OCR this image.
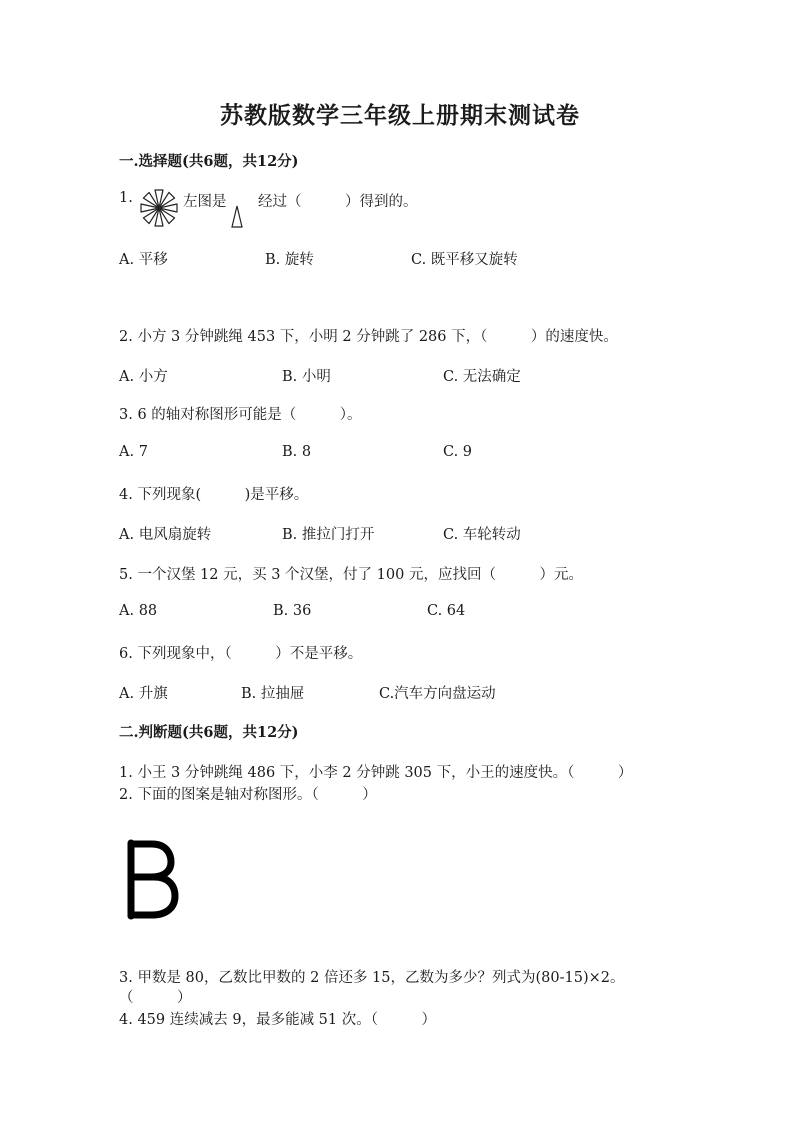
苏教版数学三年级上册期末测试卷
一.选择题(共6题，共12分)
1.	左图是 经过（　　　）得到的。
A. 平移	B. 旋转	C. 既平移又旋转
2. 小方 3 分钟跳绳 453 下，小明 2 分钟跳了 286 下，（　　　）的速度快。
A. 小方	B. 小明	C. 无法确定
3. 6 的轴对称图形可能是（　　　）。
A. 7	B. 8	C. 9
4. 下列现象(　　　)是平移。
A. 电风扇旋转	B. 推拉门打开	C. 车轮转动
5. 一个汉堡 12 元，买 3 个汉堡，付了 100 元，应找回（　　　）元。
A. 88	B. 36	C. 64
6. 下列现象中，（　　　）不是平移。
A. 升旗	B. 拉抽屉	C.汽车方向盘运动
二.判断题(共6题，共12分)
1. 小王 3 分钟跳绳 486 下，小李 2 分钟跳 305 下，小王的速度快。（　　　）
2. 下面的图案是轴对称图形。（　　　）
3. 甲数是 80，乙数比甲数的 2 倍还多 15，乙数为多少？列式为(80-15)×2。
（　　　）
4. 459 连续减去 9，最多能减 51 次。（　　　）
